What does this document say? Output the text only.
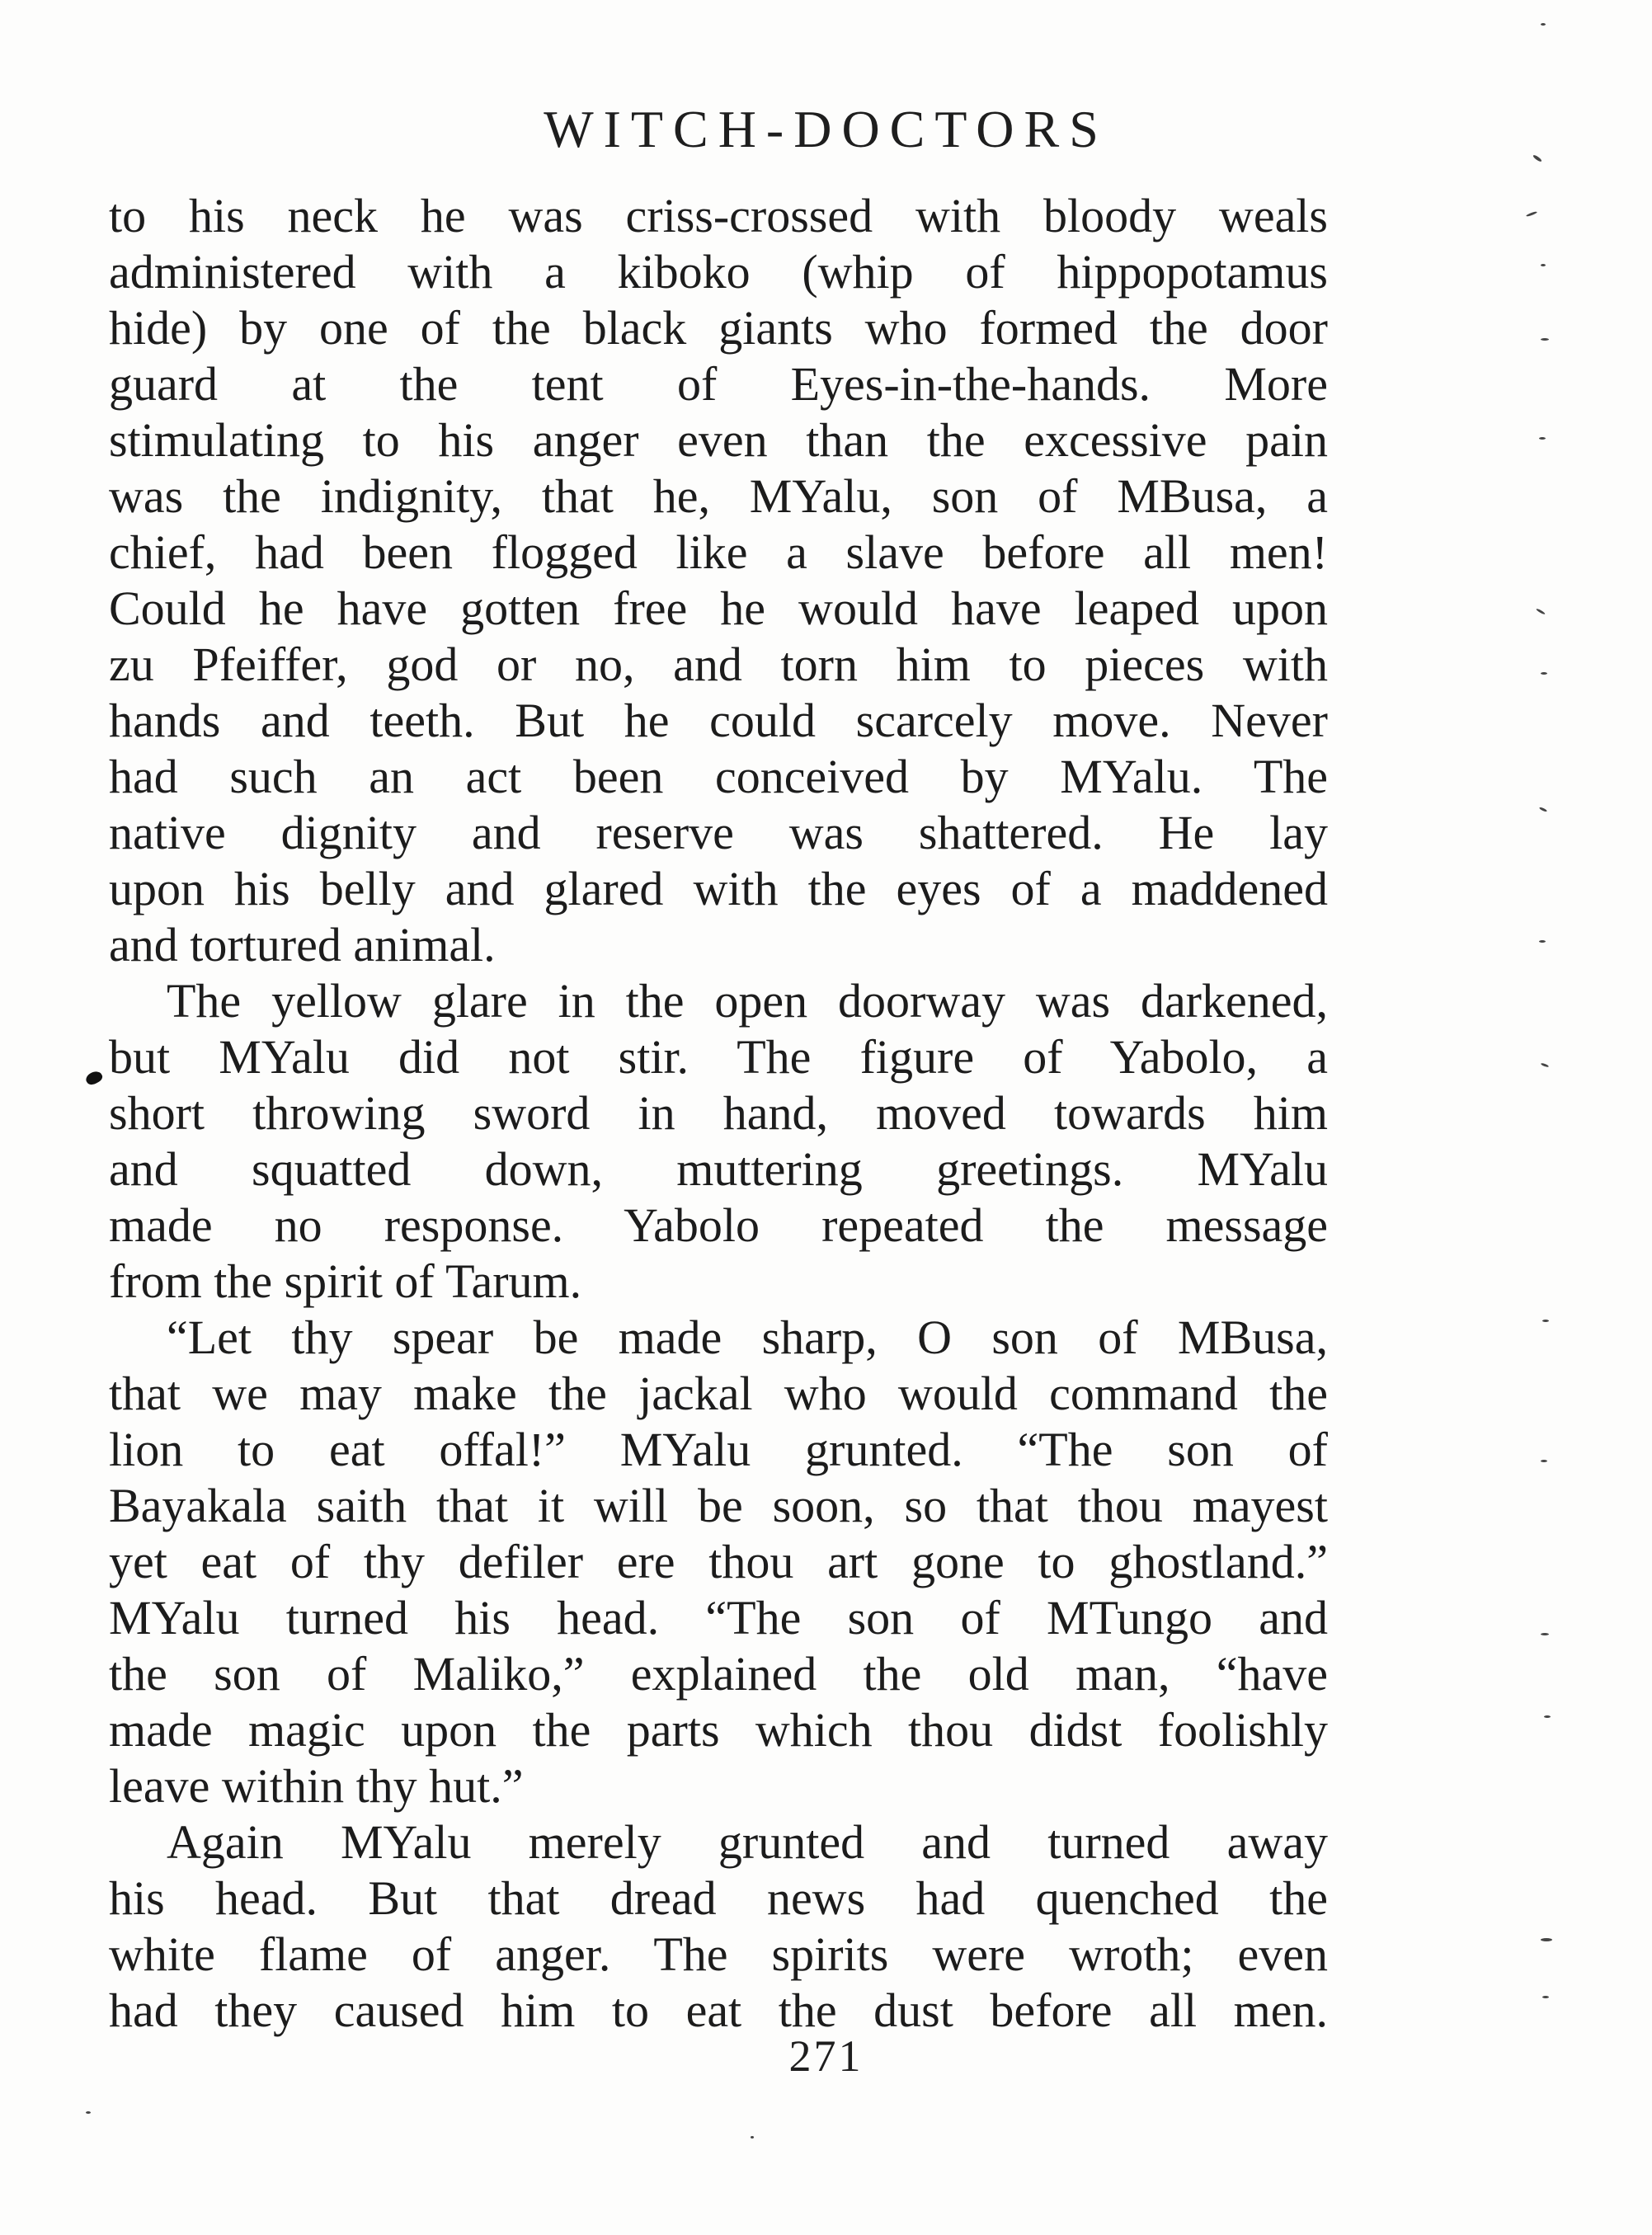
WITCH-DOCTORS
to his neck he was criss-crossed with bloody weals
administered with a kiboko (whip of hippopotamus
hide) by one of the black giants who formed the door
guard at the tent of Eyes-in-the-hands. More
stimulating to his anger even than the excessive pain
was the indignity, that he, MYalu, son of MBusa, a
chief, had been flogged like a slave before all men!
Could he have gotten free he would have leaped upon
zu Pfeiffer, god or no, and torn him to pieces with
hands and teeth. But he could scarcely move. Never
had such an act been conceived by MYalu. The
native dignity and reserve was shattered. He lay
upon his belly and glared with the eyes of a maddened
and tortured animal.
The yellow glare in the open doorway was darkened,
but MYalu did not stir. The figure of Yabolo, a
short throwing sword in hand, moved towards him
and squatted down, muttering greetings. MYalu
made no response. Yabolo repeated the message
from the spirit of Tarum.
“Let thy spear be made sharp, O son of MBusa,
that we may make the jackal who would command the
lion to eat offal!” MYalu grunted. “The son of
Bayakala saith that it will be soon, so that thou mayest
yet eat of thy defiler ere thou art gone to ghostland.”
MYalu turned his head. “The son of MTungo and
the son of Maliko,” explained the old man, “have
made magic upon the parts which thou didst foolishly
leave within thy hut.”
Again MYalu merely grunted and turned away
his head. But that dread news had quenched the
white flame of anger. The spirits were wroth; even
had they caused him to eat the dust before all men.
271
